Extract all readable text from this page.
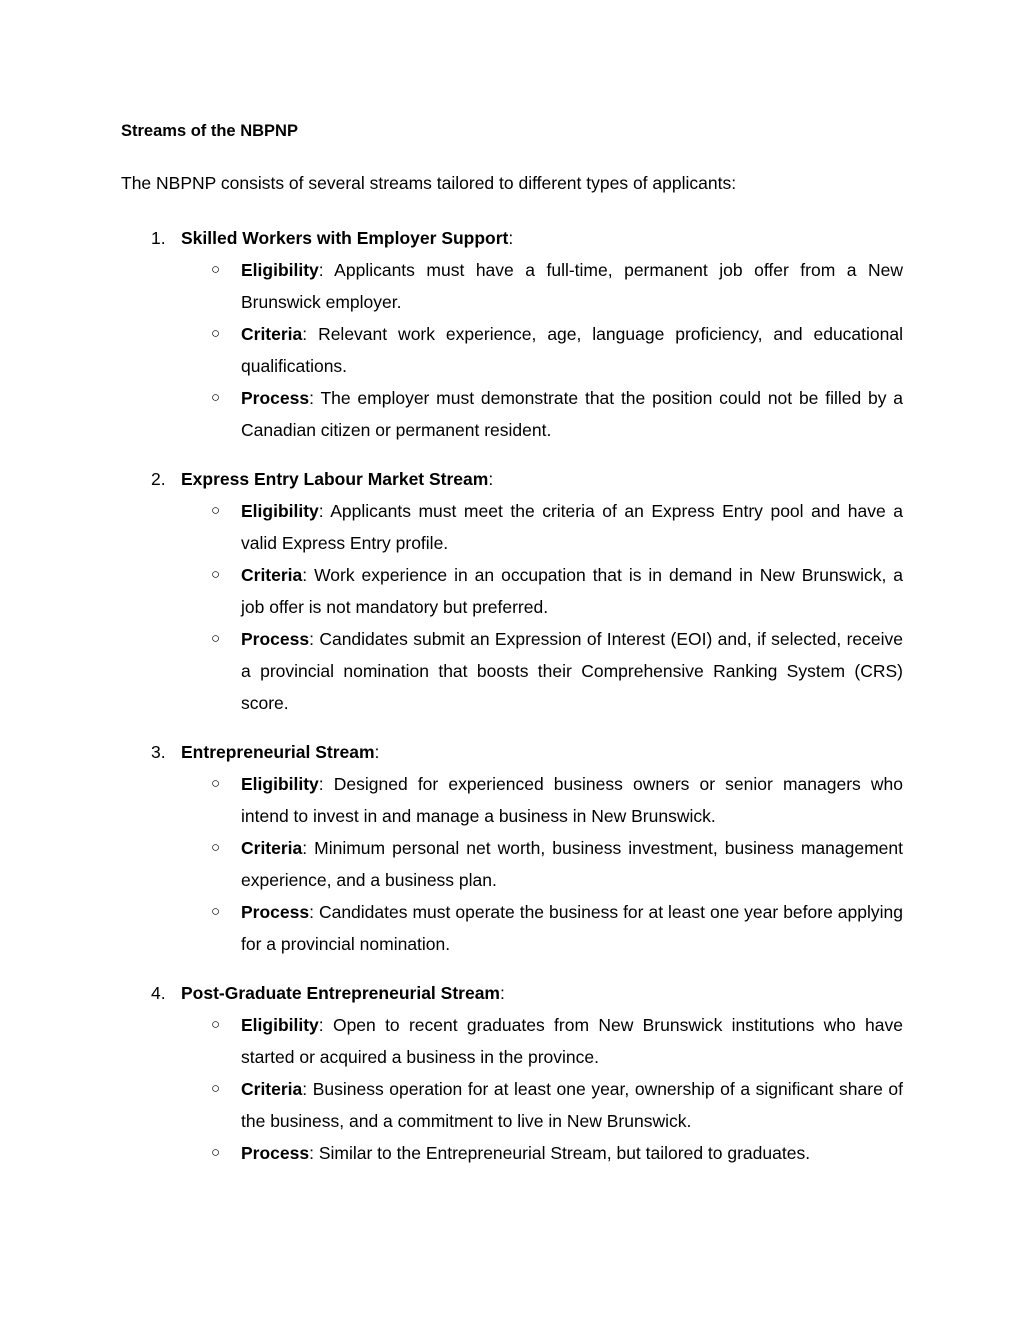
Streams of the NBPNP

The NBPNP consists of several streams tailored to different types of applicants:

1. Skilled Workers with Employer Support:
○ Eligibility: Applicants must have a full-time, permanent job offer from a New Brunswick employer.
○ Criteria: Relevant work experience, age, language proficiency, and educational qualifications.
○ Process: The employer must demonstrate that the position could not be filled by a Canadian citizen or permanent resident.
2. Express Entry Labour Market Stream:
○ Eligibility: Applicants must meet the criteria of an Express Entry pool and have a valid Express Entry profile.
○ Criteria: Work experience in an occupation that is in demand in New Brunswick, a job offer is not mandatory but preferred.
○ Process: Candidates submit an Expression of Interest (EOI) and, if selected, receive a provincial nomination that boosts their Comprehensive Ranking System (CRS) score.
3. Entrepreneurial Stream:
○ Eligibility: Designed for experienced business owners or senior managers who intend to invest in and manage a business in New Brunswick.
○ Criteria: Minimum personal net worth, business investment, business management experience, and a business plan.
○ Process: Candidates must operate the business for at least one year before applying for a provincial nomination.
4. Post-Graduate Entrepreneurial Stream:
○ Eligibility: Open to recent graduates from New Brunswick institutions who have started or acquired a business in the province.
○ Criteria: Business operation for at least one year, ownership of a significant share of the business, and a commitment to live in New Brunswick.
○ Process: Similar to the Entrepreneurial Stream, but tailored to graduates.
